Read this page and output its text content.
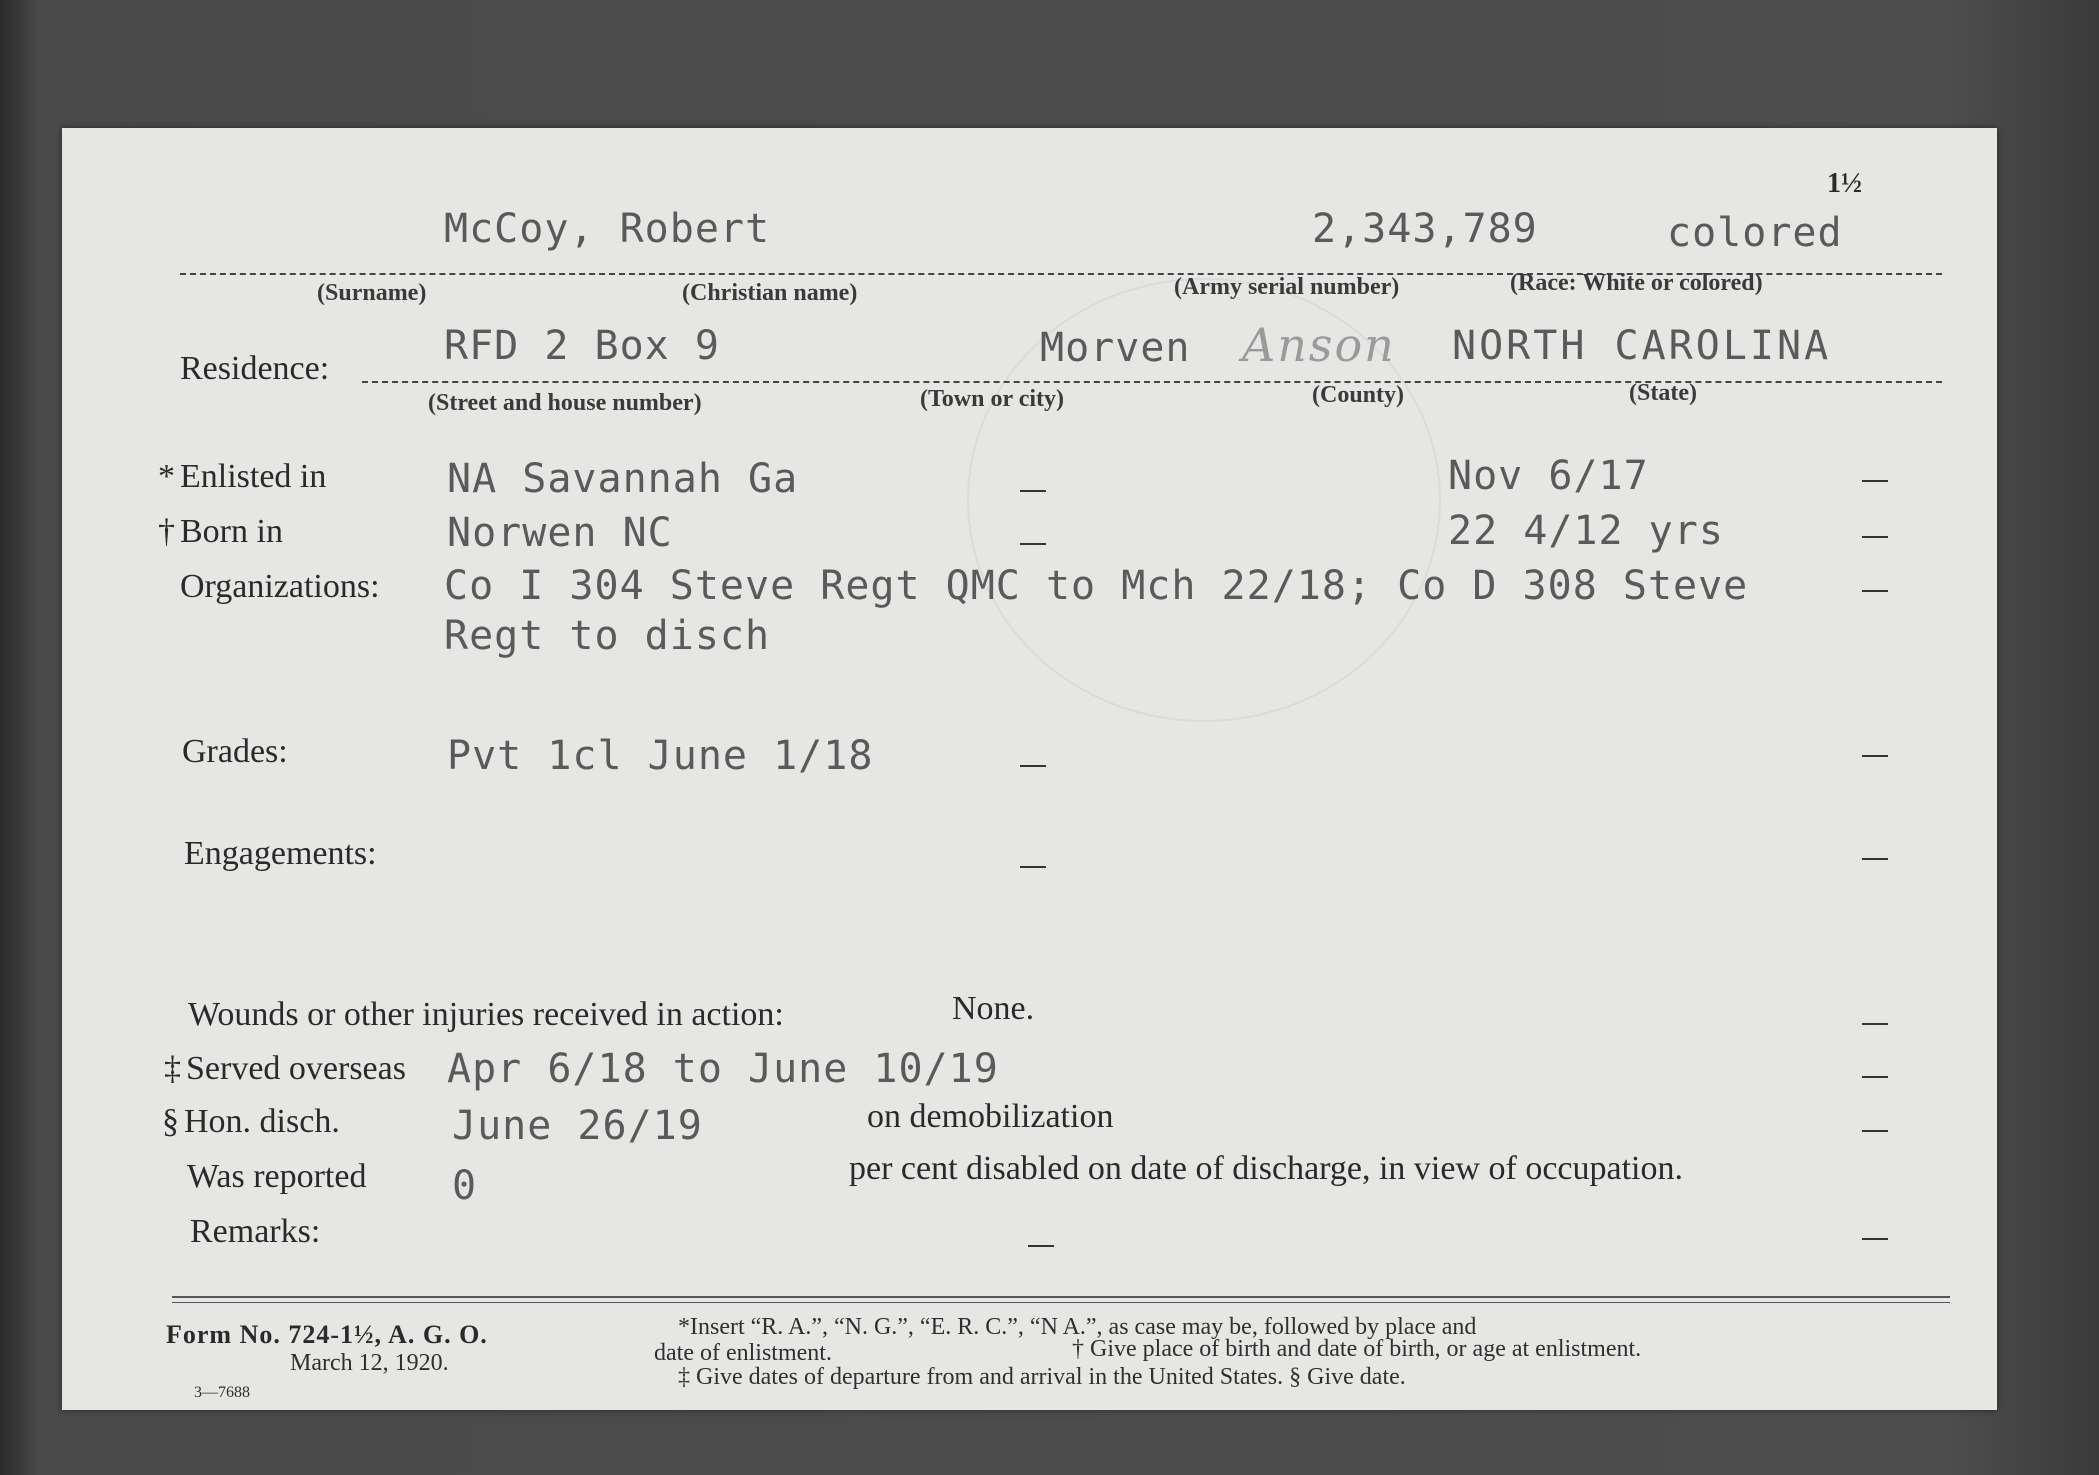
1½
McCoy, Robert	2,343,789	colored
(Surname)	(Christian name)	(Army serial number)	(Race: White or colored)
Residence:	RFD 2 Box 9	Morven Anson NORTH CAROLINA
(Street and house number)	(Town or city)	(County)	(State)
* Enlisted in	NA Savannah Ga	Nov 6/17
† Born in	Norwen NC	22 4/12 yrs
Organizations: Co I 304 Steve Regt QMC to Mch 22/18; Co D 308 Steve
Regt to disch
Grades:	Pvt 1cl June 1/18
Engagements:
Wounds or other injuries received in action:	None.
‡ Served overseas Apr 6/18 to June 10/19
§ Hon. disch.	June 26/19	on demobilization
Was reported 0	per cent disabled on date of discharge, in view of occupation.
Remarks:
Form No. 724-1½, A. G. O.
March 12, 1920.
3—7688
*Insert “R. A.”, “N. G.”, “E. R. C.”, “N A.”, as case may be, followed by place and
date of enlistment.	† Give place of birth and date of birth, or age at enlistment.
‡ Give dates of departure from and arrival in the United States. § Give date.
